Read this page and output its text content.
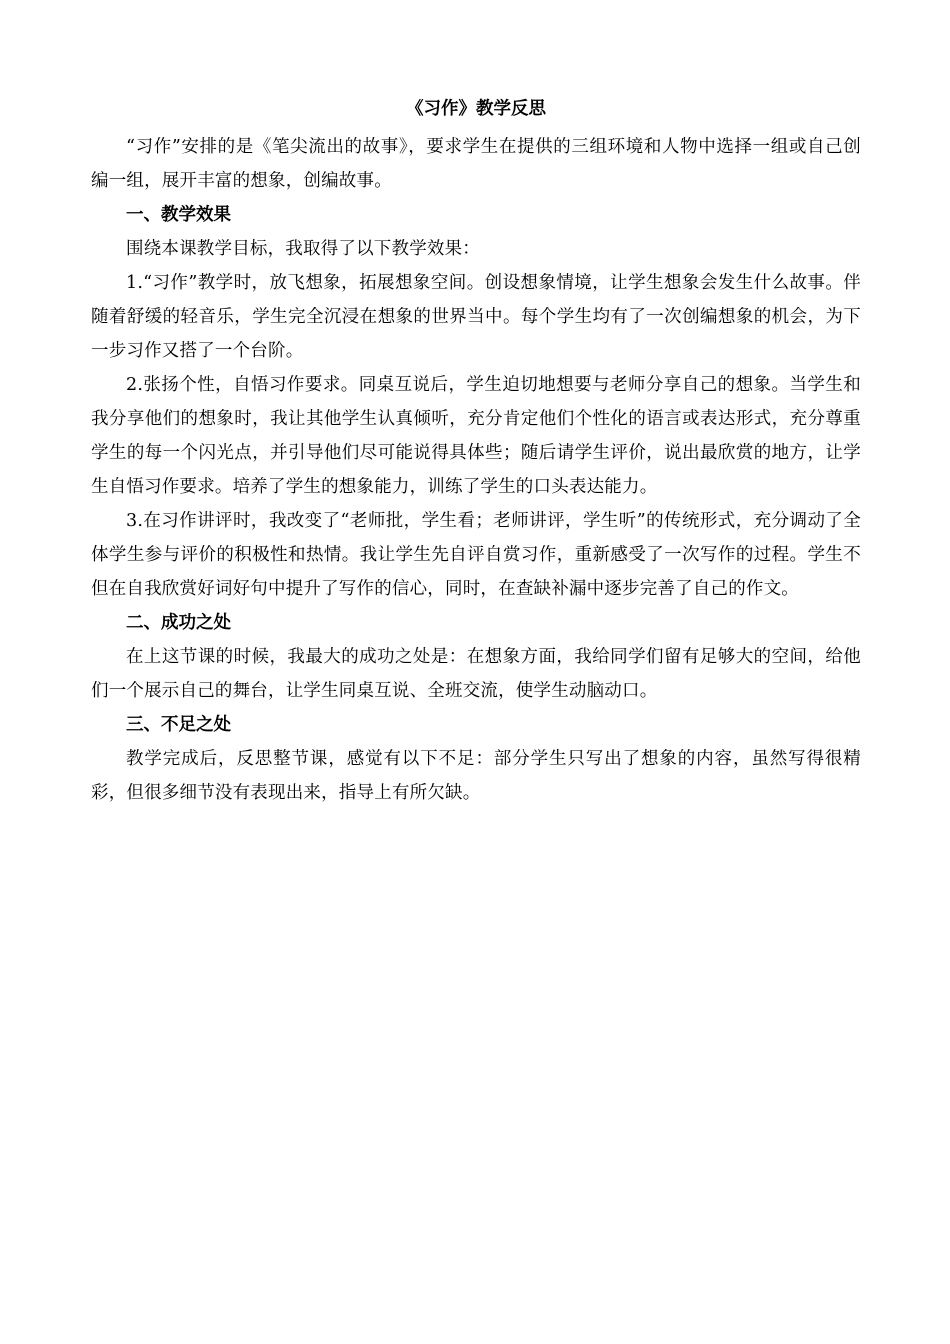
《习作》教学反思

“习作”安排的是《笔尖流出的故事》，要求学生在提供的三组环境和人物中选择一组或自己创编一组，展开丰富的想象，创编故事。

一、教学效果

围绕本课教学目标，我取得了以下教学效果：

1.“习作”教学时，放飞想象，拓展想象空间。创设想象情境，让学生想象会发生什么故事。伴随着舒缓的轻音乐，学生完全沉浸在想象的世界当中。每个学生均有了一次创编想象的机会，为下一步习作又搭了一个台阶。

2.张扬个性，自悟习作要求。同桌互说后，学生迫切地想要与老师分享自己的想象。当学生和我分享他们的想象时，我让其他学生认真倾听，充分肯定他们个性化的语言或表达形式，充分尊重学生的每一个闪光点，并引导他们尽可能说得具体些；随后请学生评价，说出最欣赏的地方，让学生自悟习作要求。培养了学生的想象能力，训练了学生的口头表达能力。

3.在习作讲评时，我改变了“老师批，学生看；老师讲评，学生听”的传统形式，充分调动了全体学生参与评价的积极性和热情。我让学生先自评自赏习作，重新感受了一次写作的过程。学生不但在自我欣赏好词好句中提升了写作的信心，同时，在查缺补漏中逐步完善了自己的作文。

二、成功之处

在上这节课的时候，我最大的成功之处是：在想象方面，我给同学们留有足够大的空间，给他们一个展示自己的舞台，让学生同桌互说、全班交流，使学生动脑动口。

三、不足之处

教学完成后，反思整节课，感觉有以下不足：部分学生只写出了想象的内容，虽然写得很精彩，但很多细节没有表现出来，指导上有所欠缺。
